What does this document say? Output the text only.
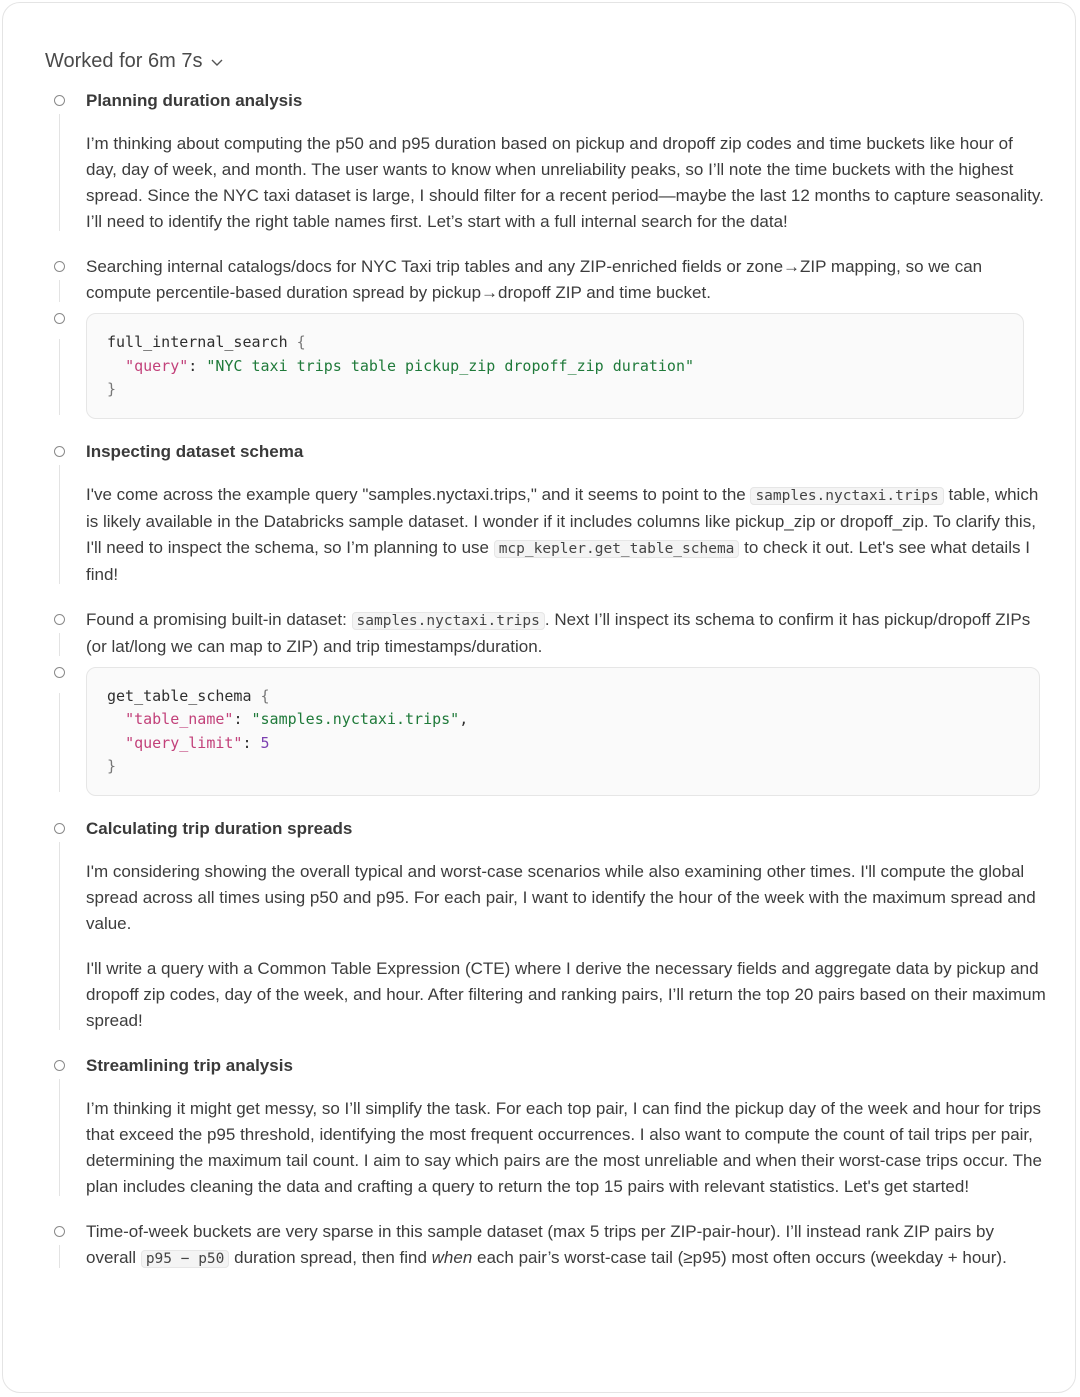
Worked for 6m 7s
Planning duration analysis

I’m thinking about computing the p50 and p95 duration based on pickup and dropoff zip codes and time buckets like hour of day, day of week, and month. The user wants to know when unreliability peaks, so I’ll note the time buckets with the highest spread. Since the NYC taxi dataset is large, I should filter for a recent period—maybe the last 12 months to capture seasonality. I’ll need to identify the right table names first. Let’s start with a full internal search for the data!

Searching internal catalogs/docs for NYC Taxi trip tables and any ZIP-enriched fields or zone→ZIP mapping, so we can compute percentile-based duration spread by pickup→dropoff ZIP and time bucket.

full_internal_search {
"query": "NYC taxi trips table pickup_zip dropoff_zip duration"
}
Inspecting dataset schema

I've come across the example query "samples.nyctaxi.trips," and it seems to point to the samples.nyctaxi.trips table, which is likely available in the Databricks sample dataset. I wonder if it includes columns like pickup_zip or dropoff_zip. To clarify this, I'll need to inspect the schema, so I’m planning to use mcp_kepler.get_table_schema to check it out. Let's see what details I find!

Found a promising built-in dataset: samples.nyctaxi.trips . Next I’ll inspect its schema to confirm it has pickup/dropoff ZIPs (or lat/long we can map to ZIP) and trip timestamps/duration.

get_table_schema {
"table_name": "samples.nyctaxi.trips",
"query_limit": 5
}
Calculating trip duration spreads

I'm considering showing the overall typical and worst-case scenarios while also examining other times. I'll compute the global spread across all times using p50 and p95. For each pair, I want to identify the hour of the week with the maximum spread and value.

I'll write a query with a Common Table Expression (CTE) where I derive the necessary fields and aggregate data by pickup and dropoff zip codes, day of the week, and hour. After filtering and ranking pairs, I’ll return the top 20 pairs based on their maximum spread!

Streamlining trip analysis

I’m thinking it might get messy, so I’ll simplify the task. For each top pair, I can find the pickup day of the week and hour for trips that exceed the p95 threshold, identifying the most frequent occurrences. I also want to compute the count of tail trips per pair, determining the maximum tail count. I aim to say which pairs are the most unreliable and when their worst-case trips occur. The plan includes cleaning the data and crafting a query to return the top 15 pairs with relevant statistics. Let's get started!

Time-of-week buckets are very sparse in this sample dataset (max 5 trips per ZIP-pair-hour). I’ll instead rank ZIP pairs by overall p95 − p50 duration spread, then find when each pair’s worst-case tail (≥p95) most often occurs (weekday + hour).
